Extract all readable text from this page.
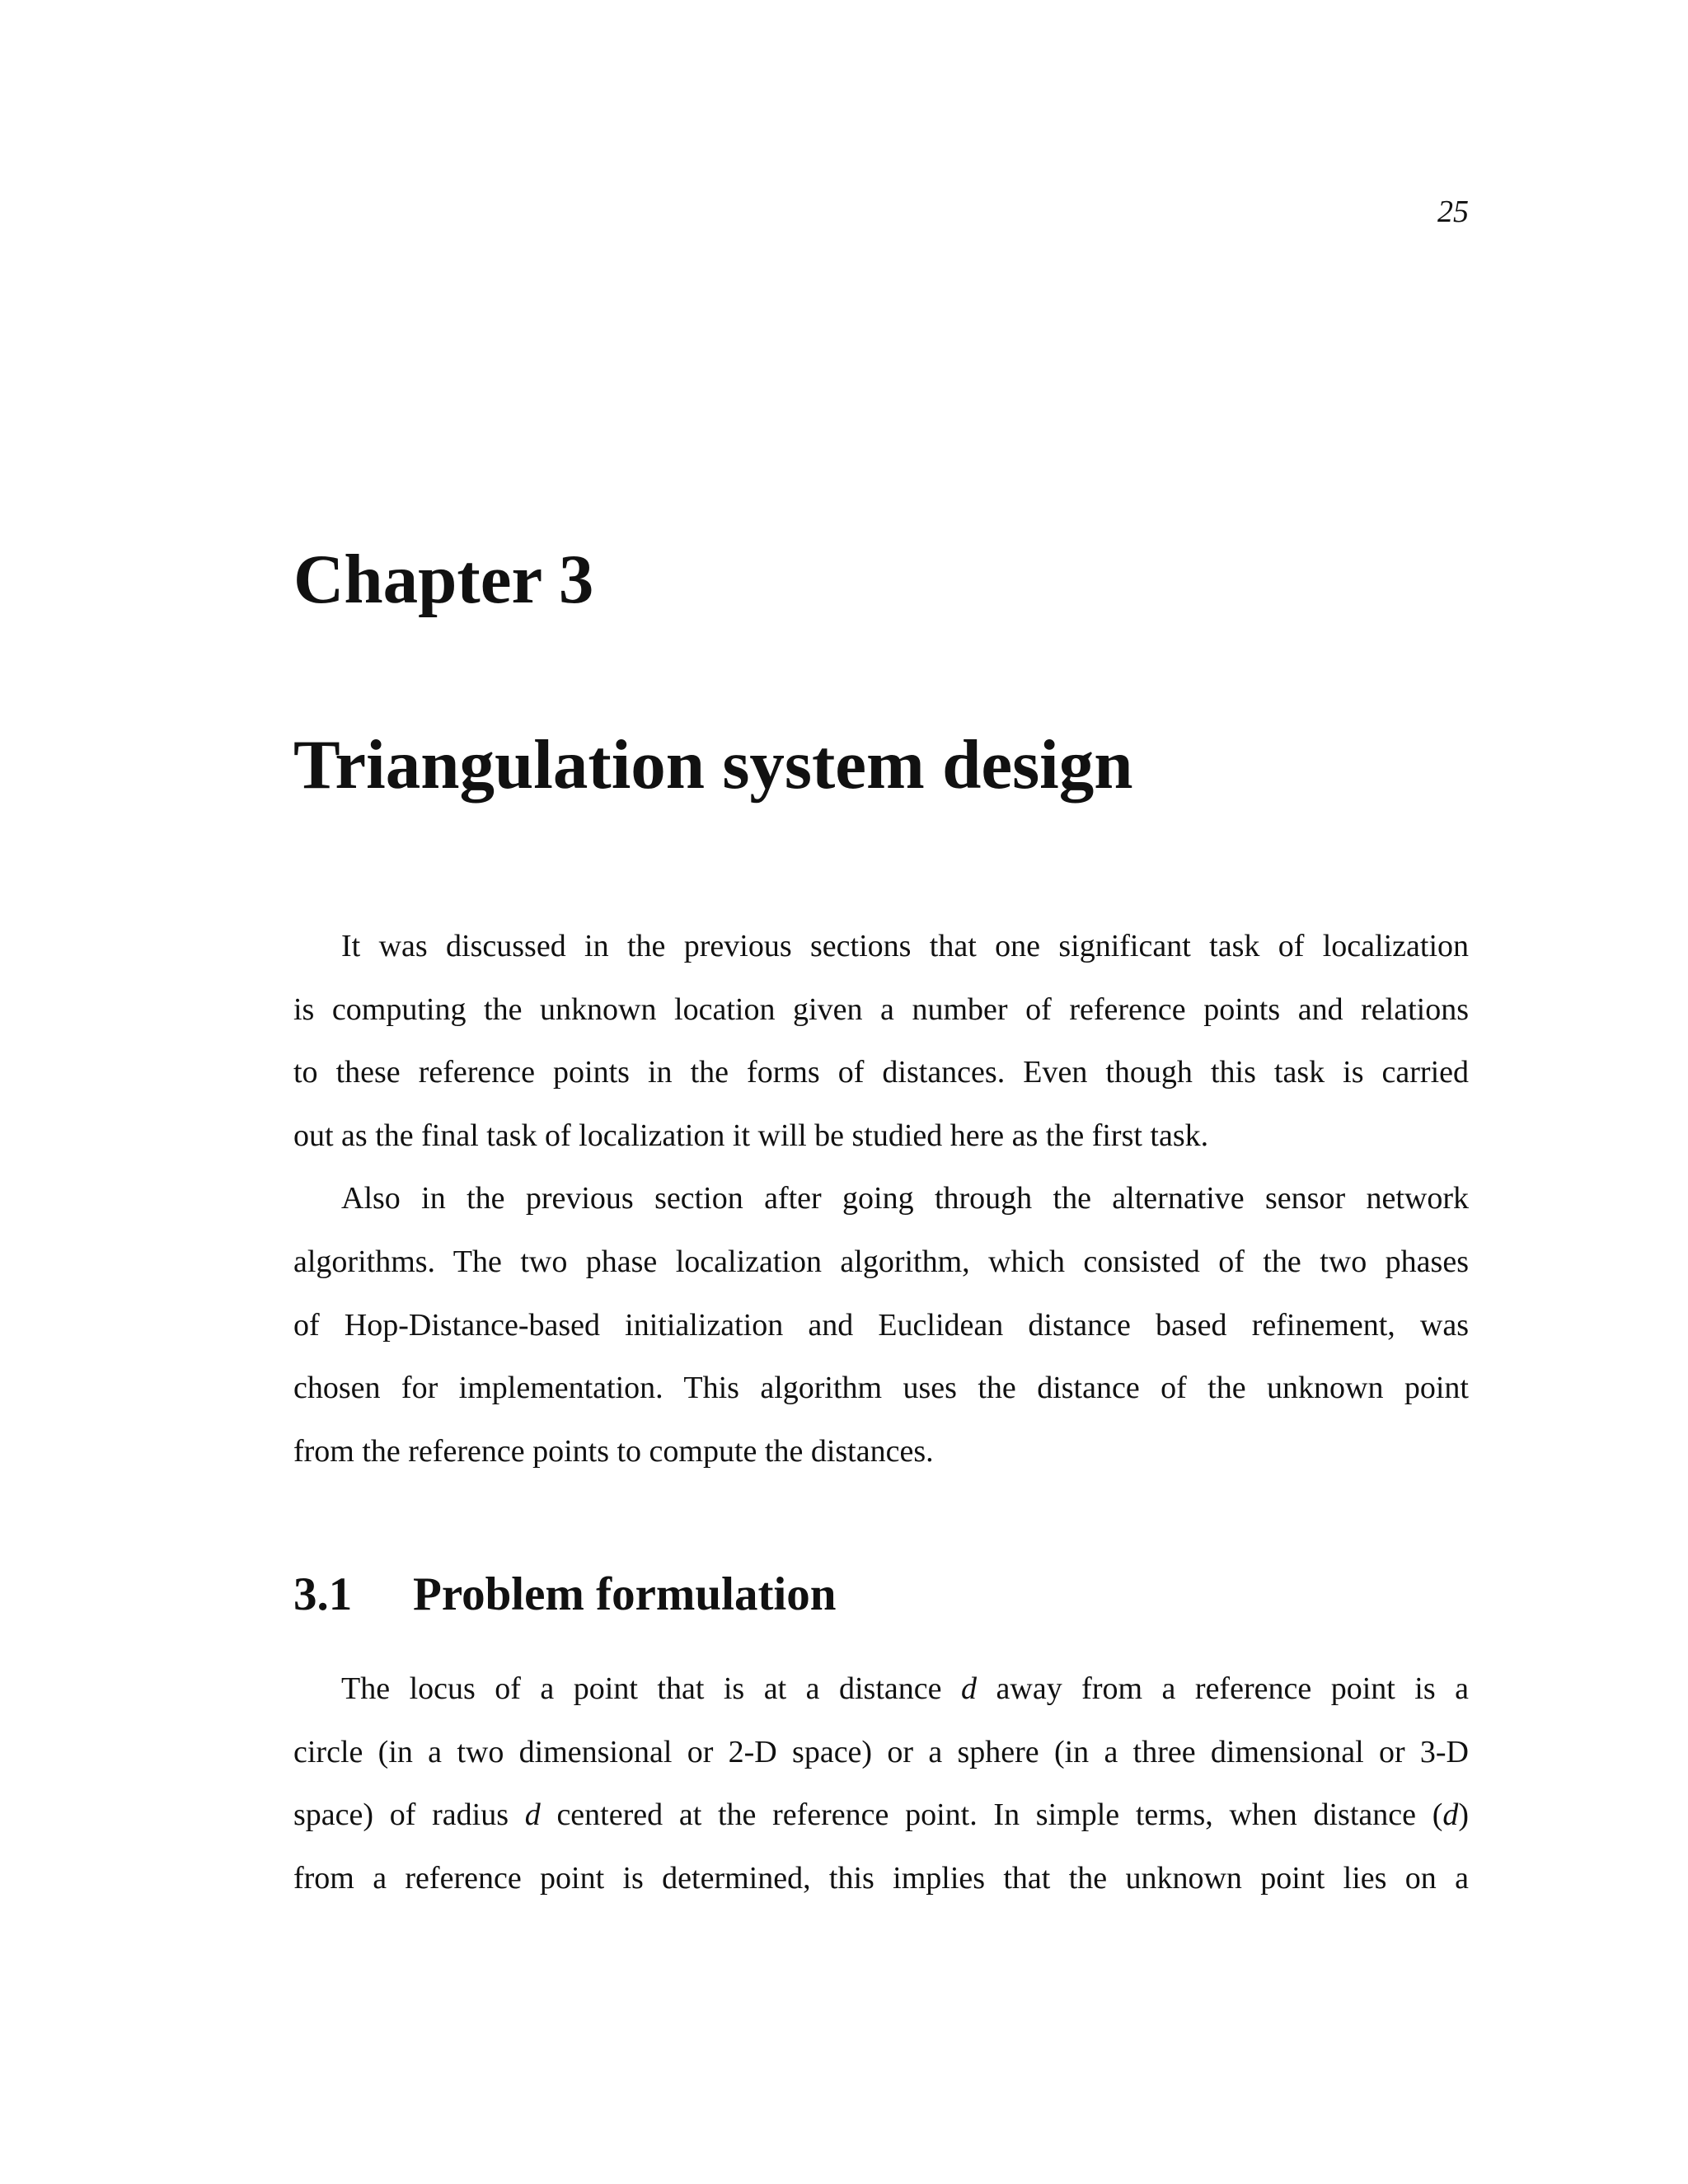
25
Chapter 3
Triangulation system design
It was discussed in the previous sections that one significant task of localization
is computing the unknown location given a number of reference points and relations
to these reference points in the forms of distances. Even though this task is carried
out as the final task of localization it will be studied here as the first task.
Also in the previous section after going through the alternative sensor network
algorithms. The two phase localization algorithm, which consisted of the two phases
of Hop-Distance-based initialization and Euclidean distance based refinement, was
chosen for implementation. This algorithm uses the distance of the unknown point
from the reference points to compute the distances.
3.1 Problem formulation
The locus of a point that is at a distance d away from a reference point is a
circle (in a two dimensional or 2-D space) or a sphere (in a three dimensional or 3-D
space) of radius d centered at the reference point. In simple terms, when distance (d)
from a reference point is determined, this implies that the unknown point lies on a
